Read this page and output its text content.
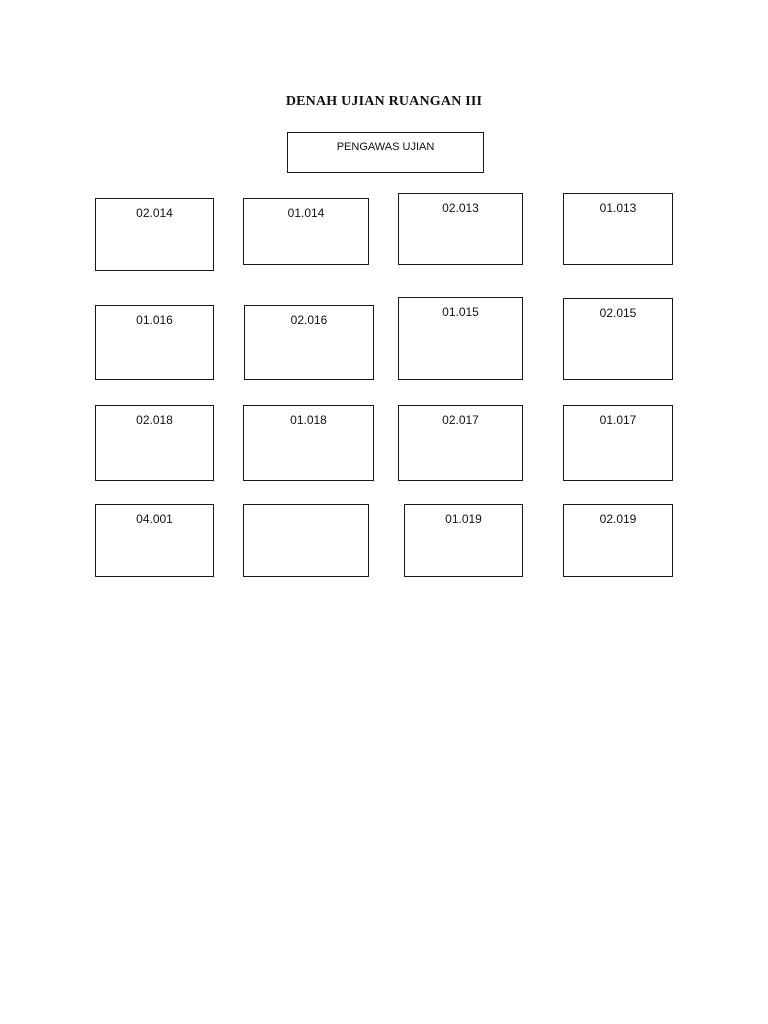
DENAH UJIAN RUANGAN III
PENGAWAS UJIAN
02.014	01.014	02.013	01.013
01.016	02.016
01.015	02.015
02.018	01.018	02.017	01.017
04.001	01.019	02.019
